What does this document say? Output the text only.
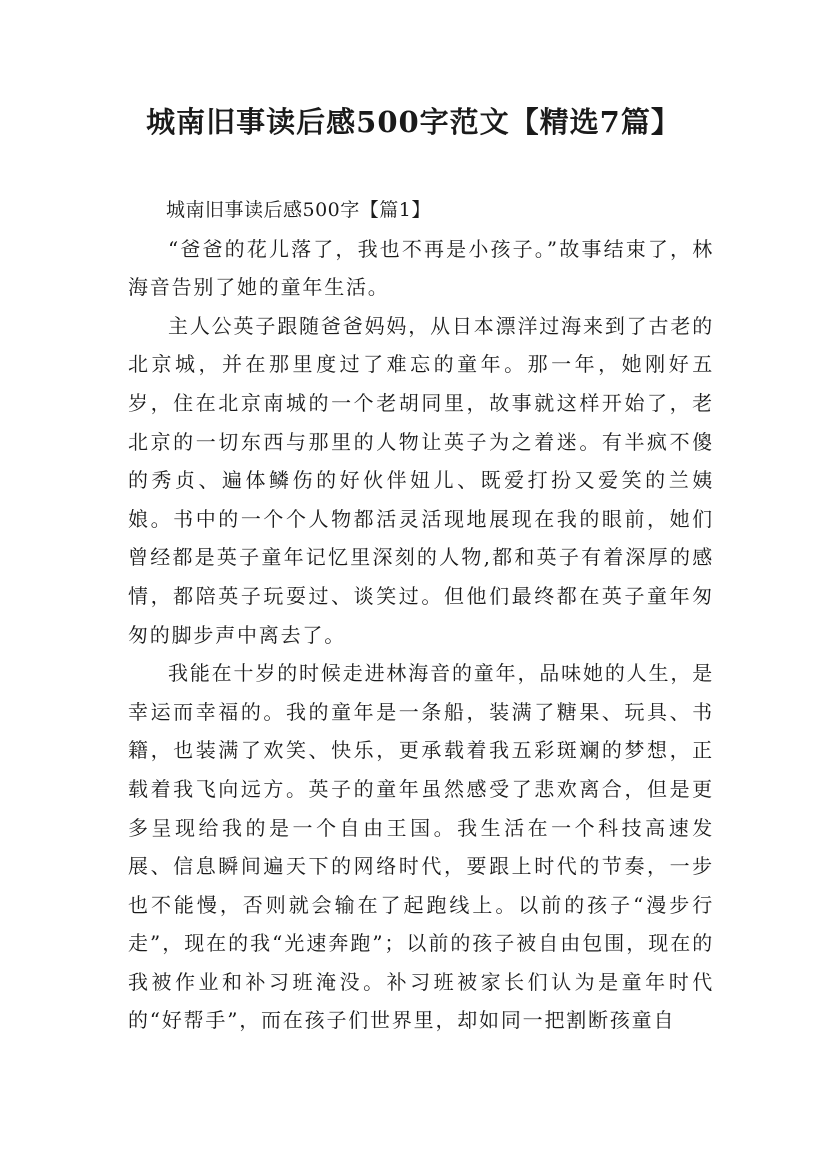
城南旧事读后感500字范文【精选7篇】

城南旧事读后感500字【篇1】

“爸爸的花儿落了，我也不再是小孩子。”故事结束了，林海音告别了她的童年生活。

主人公英子跟随爸爸妈妈，从日本漂洋过海来到了古老的北京城，并在那里度过了难忘的童年。那一年，她刚好五岁，住在北京南城的一个老胡同里，故事就这样开始了，老北京的一切东西与那里的人物让英子为之着迷。有半疯不傻的秀贞、遍体鳞伤的好伙伴妞儿、既爱打扮又爱笑的兰姨娘。书中的一个个人物都活灵活现地展现在我的眼前，她们曾经都是英子童年记忆里深刻的人物,都和英子有着深厚的感情，都陪英子玩耍过、谈笑过。但他们最终都在英子童年匆匆的脚步声中离去了。

我能在十岁的时候走进林海音的童年，品味她的人生，是幸运而幸福的。我的童年是一条船，装满了糖果、玩具、书籍，也装满了欢笑、快乐，更承载着我五彩斑斓的梦想，正载着我飞向远方。英子的童年虽然感受了悲欢离合，但是更多呈现给我的是一个自由王国。我生活在一个科技高速发展、信息瞬间遍天下的网络时代，要跟上时代的节奏，一步也不能慢，否则就会输在了起跑线上。以前的孩子“漫步行走”，现在的我“光速奔跑”；以前的孩子被自由包围，现在的我被作业和补习班淹没。补习班被家长们认为是童年时代的“好帮手”，而在孩子们世界里，却如同一把割断孩童自
